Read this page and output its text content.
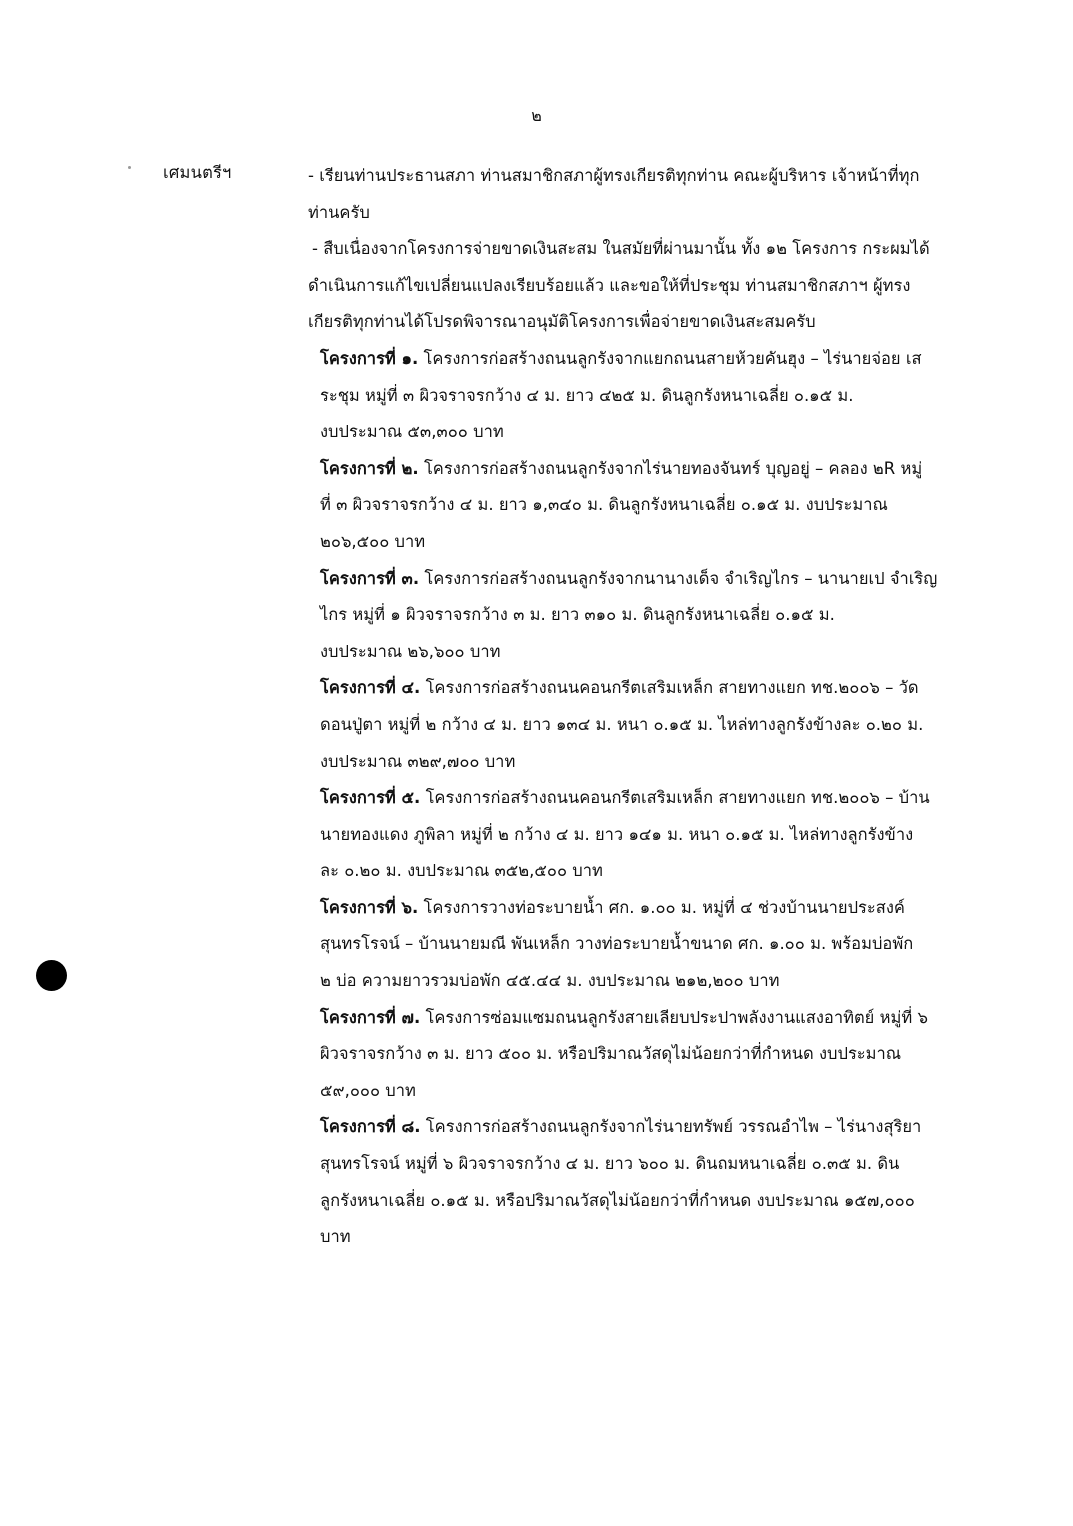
๒
เศมนตรีฯ	- เรียนท่านประธานสภา ท่านสมาชิกสภาผู้ทรงเกียรติทุกท่าน คณะผู้บริหาร เจ้าหน้าที่ทุก
ท่านครับ
- สืบเนื่องจากโครงการจ่ายขาดเงินสะสม ในสมัยที่ผ่านมานั้น ทั้ง ๑๒ โครงการ กระผมได้
ดำเนินการแก้ไขเปลี่ยนแปลงเรียบร้อยแล้ว และขอให้ที่ประชุม ท่านสมาชิกสภาฯ ผู้ทรง
เกียรติทุกท่านได้โปรดพิจารณาอนุมัติโครงการเพื่อจ่ายขาดเงินสะสมครับ
โครงการที่ ๑. โครงการก่อสร้างถนนลูกรังจากแยกถนนสายห้วยคันฮุง – ไร่นายจ่อย เส
ระชุม หมู่ที่ ๓ ผิวจราจรกว้าง ๔ ม. ยาว ๔๒๕ ม. ดินลูกรังหนาเฉลี่ย ๐.๑๕ ม.
งบประมาณ ๕๓,๓๐๐ บาท
โครงการที่ ๒. โครงการก่อสร้างถนนลูกรังจากไร่นายทองจันทร์ บุญอยู่ – คลอง ๒R หมู่
ที่ ๓ ผิวจราจรกว้าง ๔ ม. ยาว ๑,๓๔๐ ม. ดินลูกรังหนาเฉลี่ย ๐.๑๕ ม. งบประมาณ
๒๐๖,๕๐๐ บาท
โครงการที่ ๓. โครงการก่อสร้างถนนลูกรังจากนานางเด็จ จำเริญไกร – นานายเป จำเริญ
ไกร หมู่ที่ ๑ ผิวจราจรกว้าง ๓ ม. ยาว ๓๑๐ ม. ดินลูกรังหนาเฉลี่ย ๐.๑๕ ม.
งบประมาณ ๒๖,๖๐๐ บาท
โครงการที่ ๔. โครงการก่อสร้างถนนคอนกรีตเสริมเหล็ก สายทางแยก ทช.๒๐๐๖ – วัด
ดอนปู่ตา หมู่ที่ ๒ กว้าง ๔ ม. ยาว ๑๓๔ ม. หนา ๐.๑๕ ม. ไหล่ทางลูกรังข้างละ ๐.๒๐ ม.
งบประมาณ ๓๒๙,๗๐๐ บาท
โครงการที่ ๕. โครงการก่อสร้างถนนคอนกรีตเสริมเหล็ก สายทางแยก ทช.๒๐๐๖ – บ้าน
นายทองแดง ภูพิลา หมู่ที่ ๒ กว้าง ๔ ม. ยาว ๑๔๑ ม. หนา ๐.๑๕ ม. ไหล่ทางลูกรังข้าง
ละ ๐.๒๐ ม. งบประมาณ ๓๕๒,๕๐๐ บาท
โครงการที่ ๖. โครงการวางท่อระบายน้ำ ศก. ๑.๐๐ ม. หมู่ที่ ๔ ช่วงบ้านนายประสงค์
สุนทรโรจน์ – บ้านนายมณี พันเหล็ก วางท่อระบายน้ำขนาด ศก. ๑.๐๐ ม. พร้อมบ่อพัก
๒ บ่อ ความยาวรวมบ่อพัก ๔๕.๔๔ ม. งบประมาณ ๒๑๒,๒๐๐ บาท
โครงการที่ ๗. โครงการซ่อมแซมถนนลูกรังสายเลียบประปาพลังงานแสงอาทิตย์ หมู่ที่ ๖
ผิวจราจรกว้าง ๓ ม. ยาว ๕๐๐ ม. หรือปริมาณวัสดุไม่น้อยกว่าที่กำหนด งบประมาณ
๕๙,๐๐๐ บาท
โครงการที่ ๘. โครงการก่อสร้างถนนลูกรังจากไร่นายทรัพย์ วรรณอำไพ – ไร่นางสุริยา
สุนทรโรจน์ หมู่ที่ ๖ ผิวจราจรกว้าง ๔ ม. ยาว ๖๐๐ ม. ดินถมหนาเฉลี่ย ๐.๓๕ ม. ดิน
ลูกรังหนาเฉลี่ย ๐.๑๕ ม. หรือปริมาณวัสดุไม่น้อยกว่าที่กำหนด งบประมาณ ๑๕๗,๐๐๐
บาท
